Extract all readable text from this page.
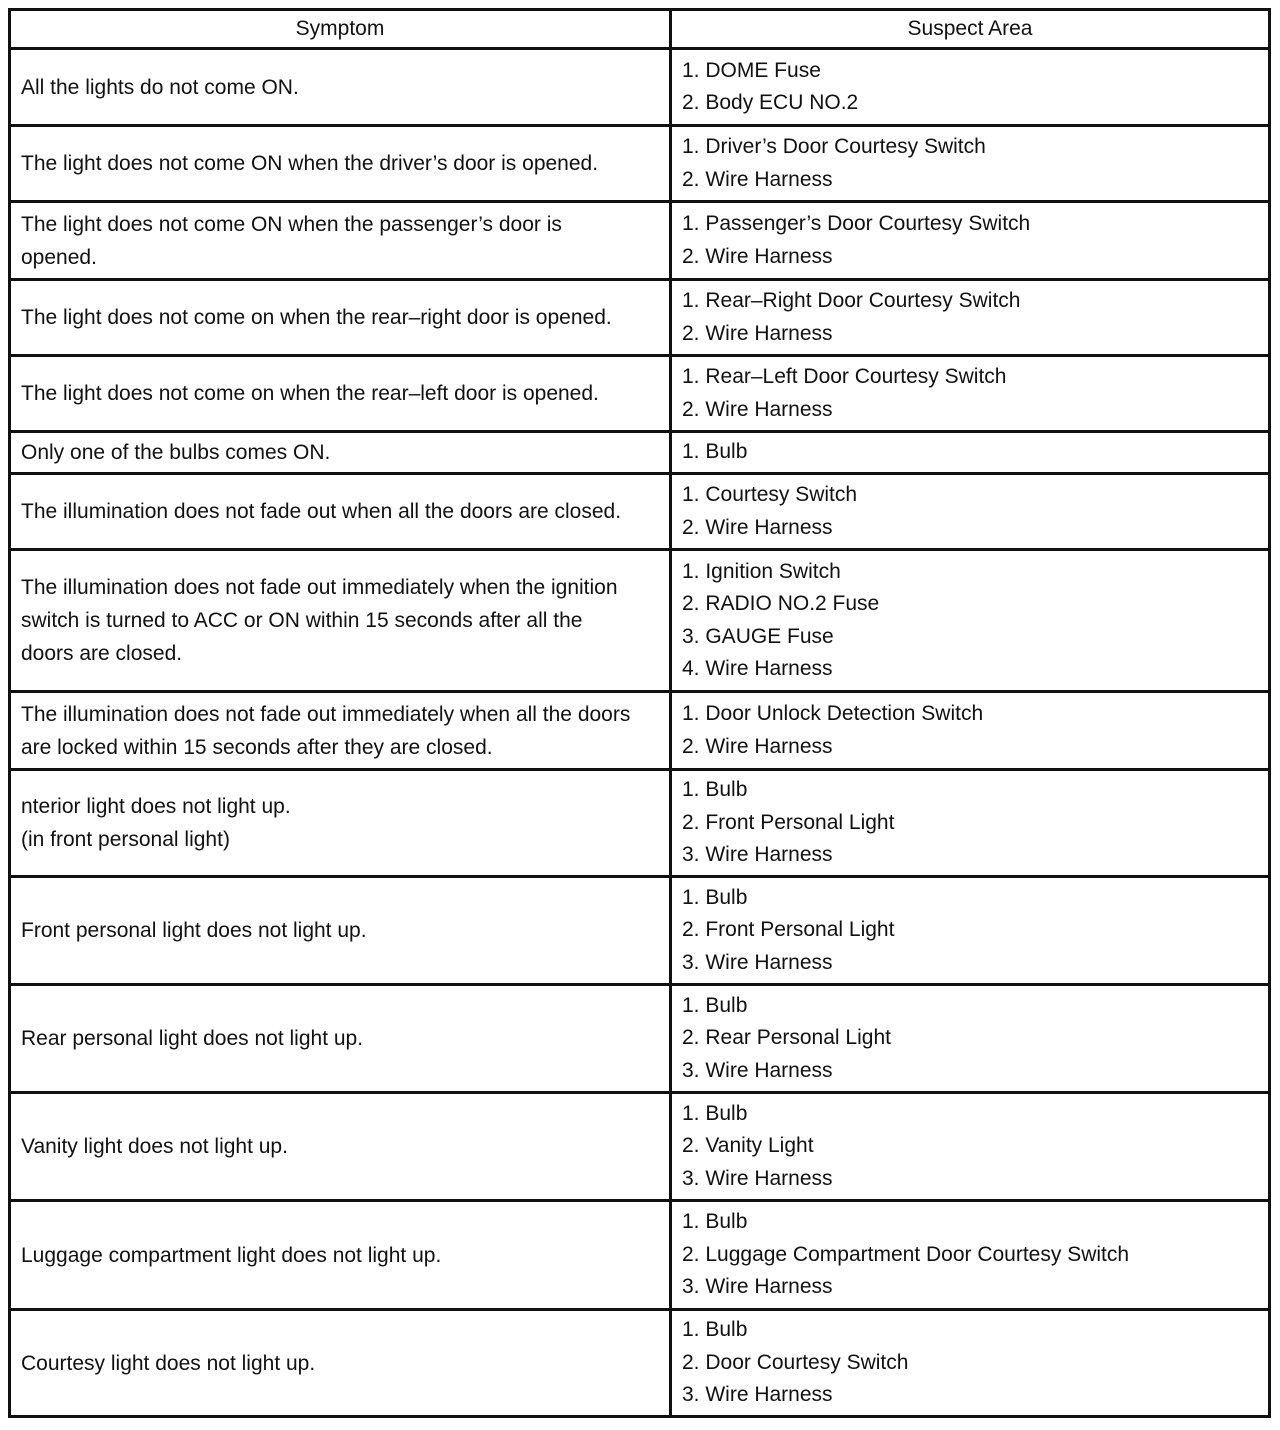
Symptom	Suspect Area

All the lights do not come ON.	1. DOME Fuse
2. Body ECU NO.2

The light does not come ON when the driver’s door is opened.	1. Driver’s Door Courtesy Switch
2. Wire Harness

The light does not come ON when the passenger’s door is
opened.	1. Passenger’s Door Courtesy Switch
2. Wire Harness

The light does not come on when the rear–right door is opened.	1. Rear–Right Door Courtesy Switch
2. Wire Harness

The light does not come on when the rear–left door is opened.	1. Rear–Left Door Courtesy Switch
2. Wire Harness

Only one of the bulbs comes ON.	1. Bulb

The illumination does not fade out when all the doors are closed.	1. Courtesy Switch
2. Wire Harness

The illumination does not fade out immediately when the ignition
switch is turned to ACC or ON within 15 seconds after all the
doors are closed.	1. Ignition Switch
2. RADIO NO.2 Fuse
3. GAUGE Fuse
4. Wire Harness

The illumination does not fade out immediately when all the doors
are locked within 15 seconds after they are closed.	1. Door Unlock Detection Switch
2. Wire Harness

nterior light does not light up.
(in front personal light)	1. Bulb
2. Front Personal Light
3. Wire Harness

Front personal light does not light up.	1. Bulb
2. Front Personal Light
3. Wire Harness

Rear personal light does not light up.	1. Bulb
2. Rear Personal Light
3. Wire Harness

Vanity light does not light up.	1. Bulb
2. Vanity Light
3. Wire Harness

Luggage compartment light does not light up.	1. Bulb
2. Luggage Compartment Door Courtesy Switch
3. Wire Harness

Courtesy light does not light up.	1. Bulb
2. Door Courtesy Switch
3. Wire Harness
